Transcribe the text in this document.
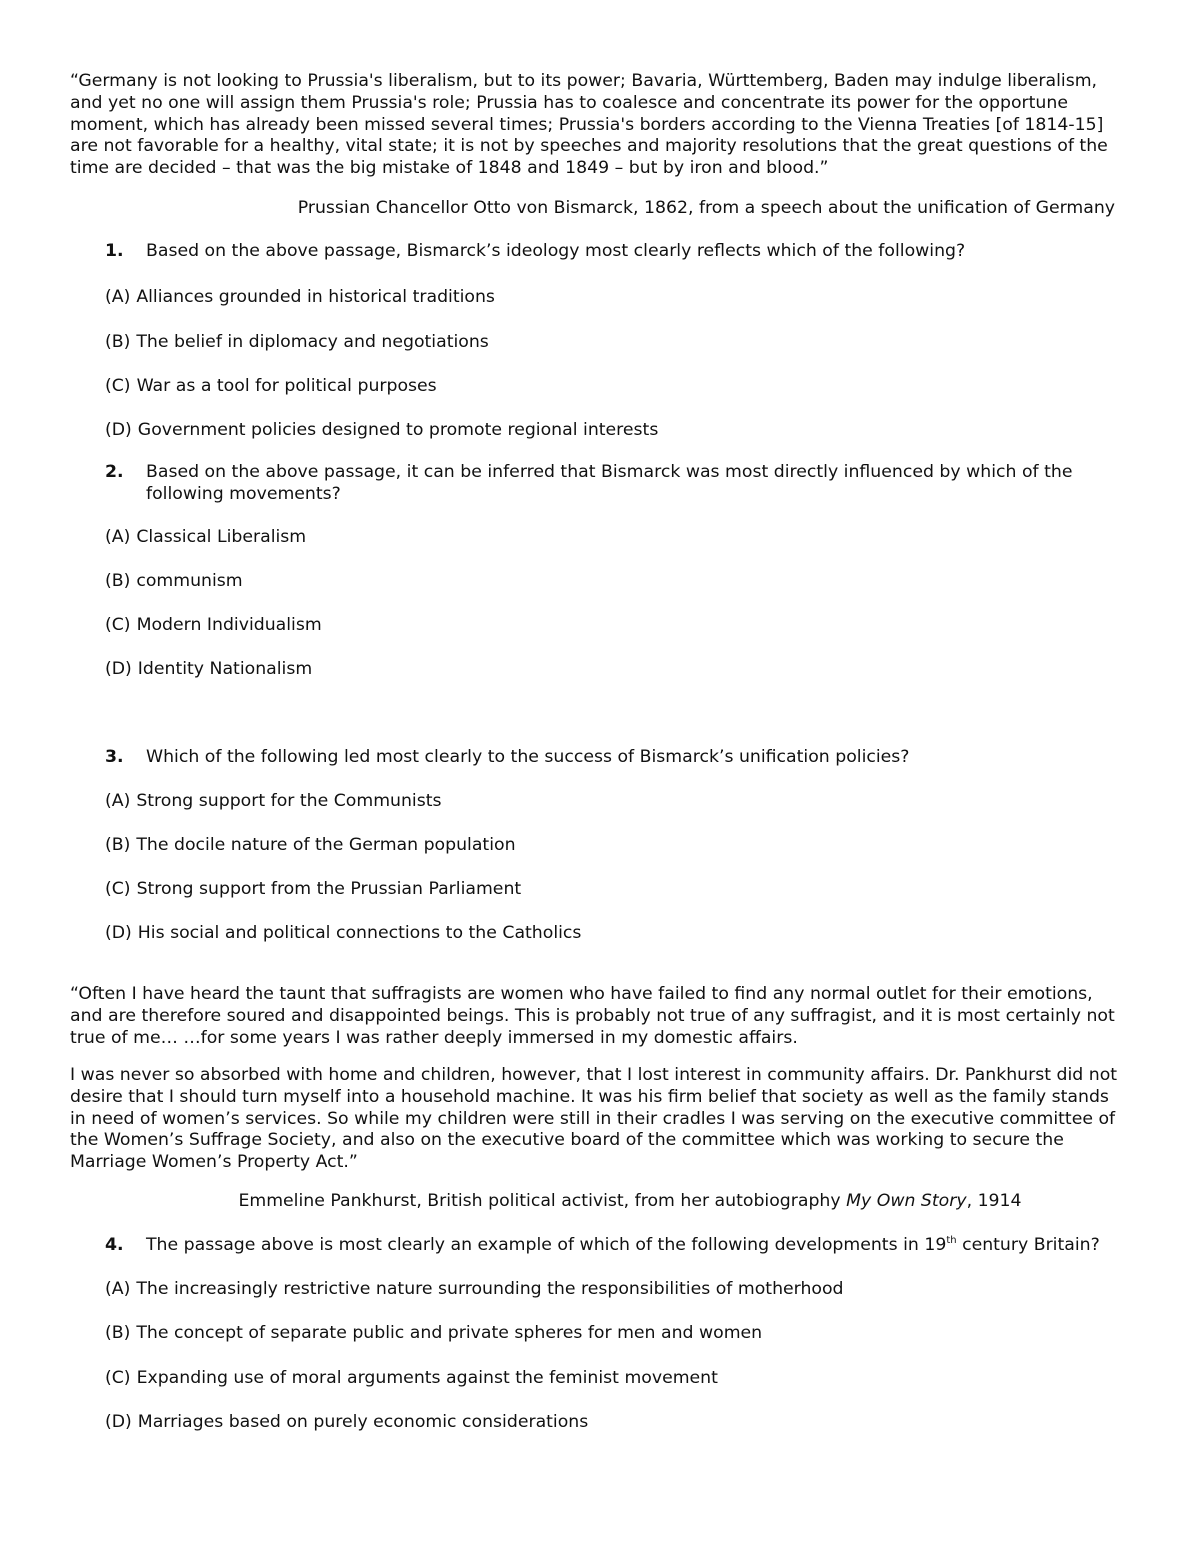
“Germany is not looking to Prussia's liberalism, but to its power; Bavaria, Württemberg, Baden may indulge liberalism, and yet no one will assign them Prussia's role; Prussia has to coalesce and concentrate its power for the opportune moment, which has already been missed several times; Prussia's borders according to the Vienna Treaties [of 1814-15] are not favorable for a healthy, vital state; it is not by speeches and majority resolutions that the great questions of the time are decided – that was the big mistake of 1848 and 1849 – but by iron and blood.”

Prussian Chancellor Otto von Bismarck, 1862, from a speech about the unification of Germany

1. Based on the above passage, Bismarck’s ideology most clearly reflects which of the following?

(A) Alliances grounded in historical traditions

(B) The belief in diplomacy and negotiations

(C) War as a tool for political purposes

(D) Government policies designed to promote regional interests

2. Based on the above passage, it can be inferred that Bismarck was most directly influenced by which of the following movements?

(A) Classical Liberalism

(B) communism

(C) Modern Individualism

(D) Identity Nationalism

3. Which of the following led most clearly to the success of Bismarck’s unification policies?

(A) Strong support for the Communists

(B) The docile nature of the German population

(C) Strong support from the Prussian Parliament

(D) His social and political connections to the Catholics

“Often I have heard the taunt that suffragists are women who have failed to find any normal outlet for their emotions, and are therefore soured and disappointed beings. This is probably not true of any suffragist, and it is most certainly not true of me… …for some years I was rather deeply immersed in my domestic affairs.

I was never so absorbed with home and children, however, that I lost interest in community affairs. Dr. Pankhurst did not desire that I should turn myself into a household machine. It was his firm belief that society as well as the family stands in need of women’s services. So while my children were still in their cradles I was serving on the executive committee of the Women’s Suffrage Society, and also on the executive board of the committee which was working to secure the Marriage Women’s Property Act.”

Emmeline Pankhurst, British political activist, from her autobiography My Own Story, 1914

4. The passage above is most clearly an example of which of the following developments in 19th century Britain?

(A) The increasingly restrictive nature surrounding the responsibilities of motherhood

(B) The concept of separate public and private spheres for men and women

(C) Expanding use of moral arguments against the feminist movement

(D) Marriages based on purely economic considerations
